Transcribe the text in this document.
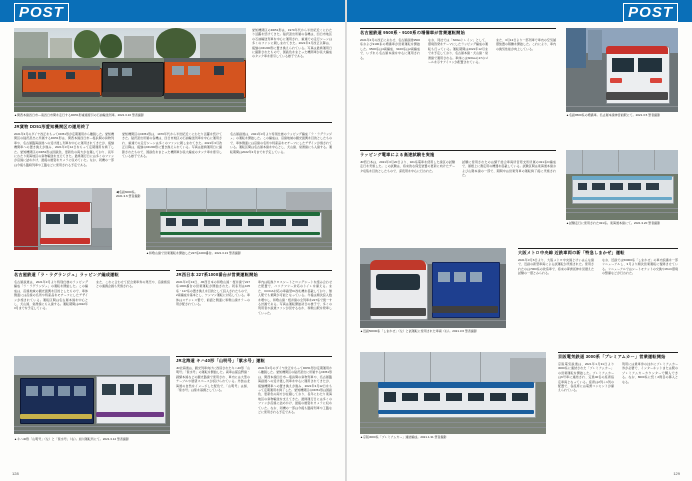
POST
▲関西本線四日市—南四日市間を走行するDD51形重連牽引の石油輸送列車。2021.3.10 筆者撮影
愛知機関区のDD51形は、1970年代から半世紀近くにわたり活躍を続けてきた。稲沢派出所属の各機は、四日市地区の石油輸送列車を中心に運用され、重連での走行シーンは多くのファンに親しまれてきた。2021年3月改正以降は、後継のDF200形に置き換えられている。写真は最終運用日に撮影されたもので、国鉄色をまとった機関車が長大編成のタンク車を牽引している様子である。
JR貨物 DD51形愛知機関区の運用終了
2021年3月のダイヤ改正をもってDD51形が定期運用から離脱した。愛知機関区の稲沢派出に所属するDD51形は、関西本線四日市—塩浜間の貨物列車や、名古屋臨海鉄道への受け渡し列車を中心に運用されてきたが、後継機関車への置き換えが進み、2021年3月12日をもって定期運用を終了した。愛知機関区のDD51形は国鉄色、更新色の両方が在籍しており、長年にわたり東海地区の貨物輸送を支えてきた。最終運行日には多くのファンが沿線に詰めかけ、最後の雄姿をカメラに収めていた。なお、同機の一部は今後も臨時列車や工臨などに使用される予定である。
愛知機関区のDD51形は、1970年代から半世紀近くにわたり活躍を続けてきた。稲沢派出所属の各機は、四日市地区の石油輸送列車を中心に運用され、重連での走行シーンは多くのファンに親しまれてきた。2021年3月改正以降は、後継のDF200形に置き換えられている。写真は最終運用日に撮影されたもので、国鉄色をまとった機関車が長大編成のタンク車を牽引している様子である。
名古屋鉄道は、2021年3月より特別仕様のラッピング編成「ラ・ラグランジュ」の運転を開始した。この編成は、沿線地域の観光振興を目的としたもので、車体側面には沿線の名所や特産品をモチーフにしたデザインが施されている。運転区間は名古屋本線を中心とし、犬山線、常滑線にも入線する。運転期間は2022年3月までを予定している。
▲和歌山線で営業運転を開始した227系1000番台。2021.3.13 筆者撮影
◀名鉄6000系。2021.3.6 筆者撮影
名古屋鉄道「ラ・ラグランジュ」ラッピング編成運転	JR西日本 227系1000番台が営業運転開始
名古屋鉄道は、2021年3月より特別仕様のラッピング編成「ラ・ラグランジュ」の運転を開始した。この編成は、沿線地域の観光振興を目的としたもので、車体側面には沿線の名所や特産品をモチーフにしたデザインが施されている。運転区間は名古屋本線を中心とし、犬山線、常滑線にも入線する。運転期間は2022年3月までを予定している。
また、これに合わせて記念乗車券の発売や、沿線施設との連携企画も実施される。
2021年3月13日、JR西日本の和歌山線・桜井線で227系1000番台の営業運転が開始された。同系列は105系・117系の置き換えを目的として投入されたもので、2両編成を基本とし、ワンマン運転に対応している。車体はステンレス製で、前面と側面に和歌山線カラーの帯が配されている。
車内は転換クロスシートとロングシートを組み合わせた配置で、バリアフリー対応のトイレを備える。また、ICOCA対応の車載型IC改札機を搭載しており、無人駅でも乗降が可能となっている。今後は順次投入数を増やし、和歌山線・桜井線の全列車を227系で統一する計画である。写真は運転開始初日の様子で、多くの利用者や鉄道ファンが見守るなか、和歌山駅を発車していった。
▲キハ40形「山明号」（左）と「紫水号」（右）。旭川運転所にて。2021.3.14 筆者撮影
JR北海道 キハ40形「山明号」「紫水号」運転
JR北海道は、観光列車向けに改造されたキハ40形「山明号」「紫水号」の運転を開始した。両車は富良野線・釧網本線などの観光路線で使用され、車内には大型のテーブルや展望スペースが設けられている。外装は北海道の自然をイメージした配色で、「山明号」は緑、「紫水号」は紫を基調としている。
2021年3月のダイヤ改正をもってDD51形が定期運用から離脱した。愛知機関区の稲沢派出に所属するDD51形は、関西本線四日市—塩浜間の貨物列車や、名古屋臨海鉄道への受け渡し列車を中心に運用されてきたが、後継機関車への置き換えが進み、2021年3月12日をもって定期運用を終了した。愛知機関区のDD51形は国鉄色、更新色の両方が在籍しており、長年にわたり東海地区の貨物輸送を支えてきた。最終運行日には多くのファンが沿線に詰めかけ、最後の雄姿をカメラに収めていた。なお、同機の一部は今後も臨時列車や工臨などに使用される予定である。
128
POST
名古屋鉄道 9500系・9100系の増備車が営業運転開始
2021年3月の改正にあわせ、名古屋鉄道9500系および9100系の増備車が営業運転を開始した。9500系は4両編成、9100系は2両編成で、いずれも名古屋本線を中心に運用される。
なお、同社では「SDGsトレイン」として、環境啓発をテーマにしたラッピング編成の運転も行っている。運転期間は2021年12月までを予定しており、名古屋本線・犬山線・常滑線で運用される。車体にはSDGsの17のゴールを示すアイコンが配置されている。
また、3月13日より一部列車で車内の空気循環装置の稼働を開始した。これにより、車内の換気性能が向上している。
▲名鉄9500系の増備車。名古屋本線神宮前駅にて。2021.3.5 筆者撮影
ラッピング電車による高速試験を実施
JR西日本は、2021年3月20日より、321系電車を使用した線区の試験走行を実施した。この試験は、将来的な保安装置の更新に向けたデータ収集を目的としたもので、深夜帯を中心に行われた。
試験に使用されたのは網干総合車両所宮原支所所属の321系D編成で、屋根上に測定用の機器を搭載している。試験区間は東海道本線および山陽本線の一部で、期間中は営業列車の運転終了後に実施された。
▲試験走行に使用された321系。東海道本線にて。2021.3.20 筆者撮影
▲近鉄50000系「しまかぜ」（左）と試運転に使用された車両（右）。2021.3.6 筆者撮影
大阪メトロ中央線 近鉄車両の新「特急しまかぜ」運転
2021年3月6日より、大阪メトロ中央線とけいはんな線で、近鉄の新型車両による試運転が実施された。使用されたのは7000系の改造車で、将来の夢洲延伸を見据えた試験の一環とみられる。
なお、近鉄では50000系「しまかぜ」の車内設備を一部リニューアルし、3月より順次営業運転に復帰させている。リニューアルではシートモケットの交換やWi-Fi環境の整備などが行われた。
▲京阪3000系「プレミアムカー」連結編成。2021.1.31 筆者撮影
京阪電気鉄道 3000系「プレミアムカー」営業運転開始
京阪電気鉄道は、2021年1月31日より3000系に連結された「プレミアムカー」の営業運転を開始した。プレミアムカーは6号車に連結され、定員40名の座席指定車両となっている。座席は2列＋1列の配置で、各座席には電源コンセントが備えられている。
利用には乗車券のほかにプレミアムカー券が必要で、インターネットまたは駅のプレミアムカーカウンターで購入できる。なお、8000系に続く2例目の導入となる。
129
